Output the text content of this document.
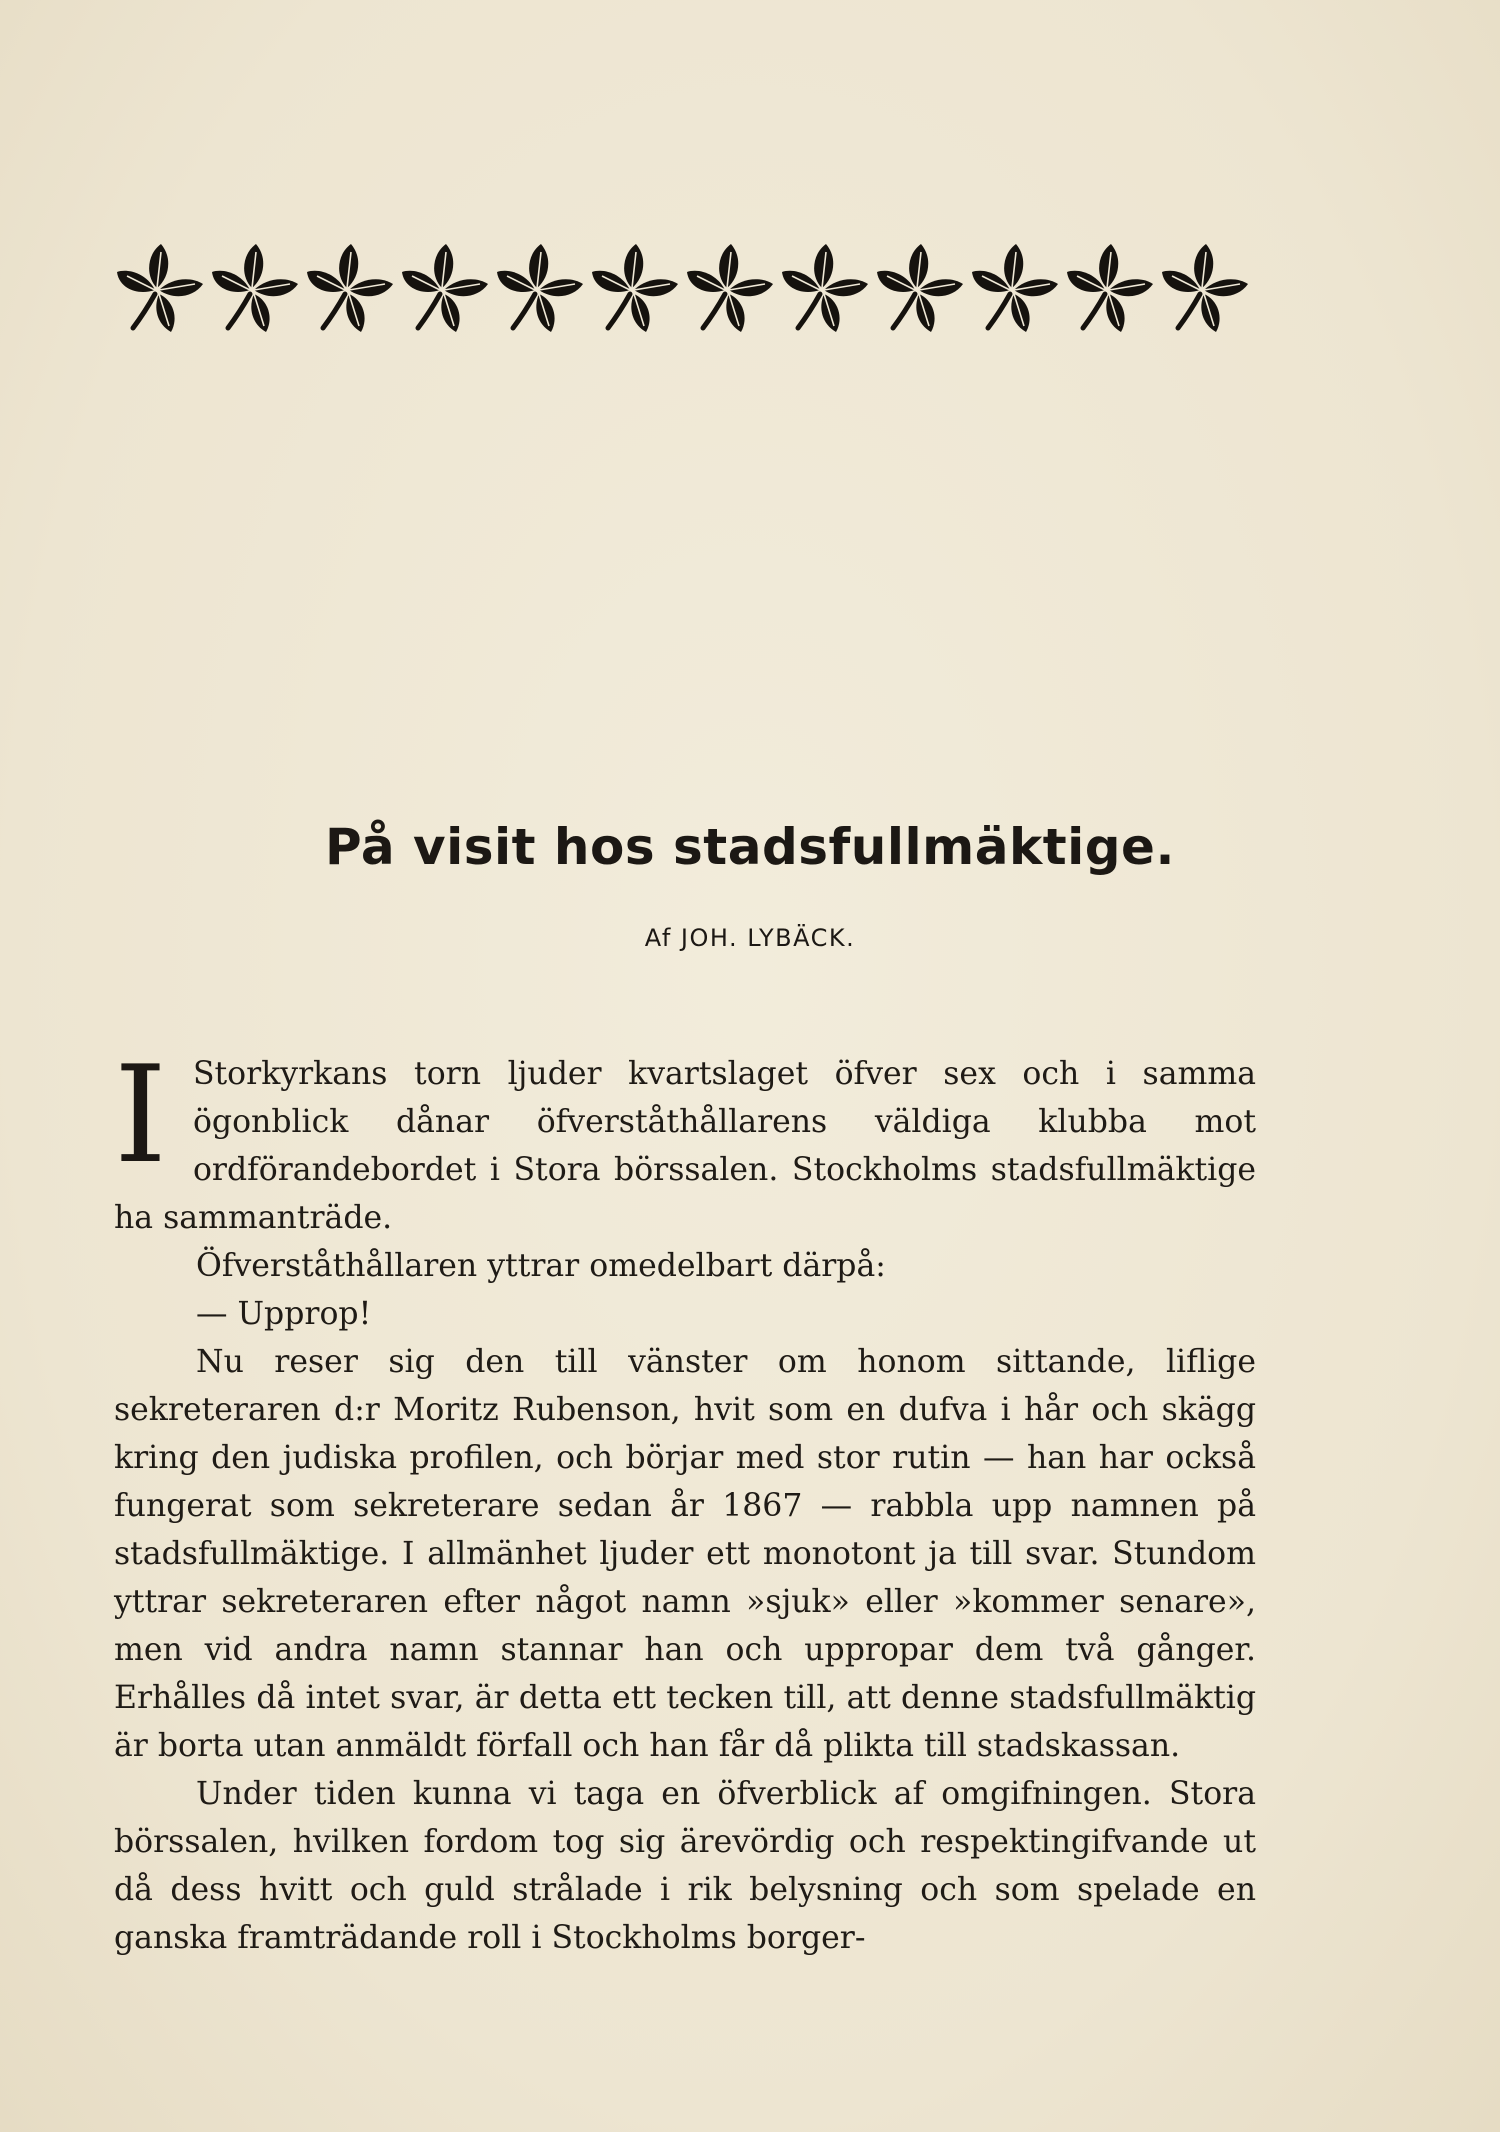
På visit hos stadsfullmäktige.

Af JOH. LYBÄCK.

I Storkyrkans torn ljuder kvartslaget öfver sex och i samma ögonblick dånar öfverståthållarens väldiga klubba mot ordförandebordet i Stora börssalen. Stockholms stadsfullmäktige ha sammanträde.

Öfverståthållaren yttrar omedelbart därpå:

— Upprop!

Nu reser sig den till vänster om honom sittande, liflige sekreteraren d:r Moritz Rubenson, hvit som en dufva i hår och skägg kring den judiska profilen, och börjar med stor rutin — han har också fungerat som sekreterare sedan år 1867 — rabbla upp namnen på stadsfullmäktige. I allmänhet ljuder ett monotont ja till svar. Stundom yttrar sekreteraren efter något namn »sjuk» eller »kommer senare», men vid andra namn stannar han och uppropar dem två gånger. Erhålles då intet svar, är detta ett tecken till, att denne stadsfullmäktig är borta utan anmäldt förfall och han får då plikta till stadskassan.

Under tiden kunna vi taga en öfverblick af omgifningen. Stora börssalen, hvilken fordom tog sig ärevördig och respektingifvande ut då dess hvitt och guld strålade i rik belysning och som spelade en ganska framträdande roll i Stockholms borger-
